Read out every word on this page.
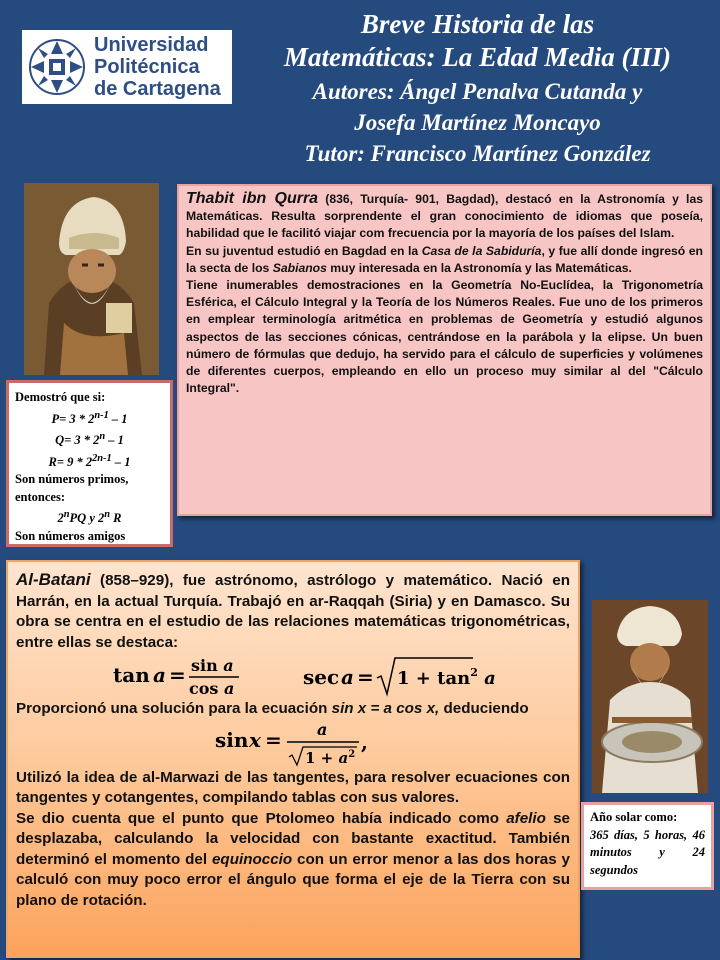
Universidad
Politécnica
de Cartagena
Breve Historia de las
Matemáticas: La Edad Media (III)
Autores: Ángel Penalva Cutanda y
Josefa Martínez Moncayo
Tutor: Francisco Martínez González

Thabit ibn Qurra (836, Turquía- 901, Bagdad), destacó en la Astronomía y las Matemáticas. Resulta sorprendente el gran conocimiento de idiomas que poseía, habilidad que le facilitó viajar com frecuencia por la mayoría de los países del Islam.

En su juventud estudió en Bagdad en la Casa de la Sabiduría, y fue allí donde ingresó en la secta de los Sabianos muy interesada en la Astronomía y las Matemáticas.

Tiene inumerables demostraciones en la Geometría No-Euclídea, la Trigonometría Esférica, el Cálculo Integral y la Teoría de los Números Reales. Fue uno de los primeros en emplear terminología aritmética en problemas de Geometría y estudió algunos aspectos de las secciones cónicas, centrándose en la parábola y la elipse. Un buen número de fórmulas que dedujo, ha servido para el cálculo de superficies y volúmenes de diferentes cuerpos, empleando en ello un proceso muy similar al del "Cálculo Integral".

Demostró que si:
P= 3 * 2$^{n-1}$ – 1
Q= 3 * 2$^n$ – 1
$R= 9 * 2^{2n-1} - 1$
Son números primos, entonces:
2$^n$PQ y 2$^n$ R
Son números amigos

Al-Batani (858–929), fue astrónomo, astrólogo y matemático. Nació en Harrán, en la actual Turquía. Trabajó en ar-Raqqah (Siria) y en Damasco. Su obra se centra en el estudio de las relaciones matemáticas trigonométricas, entre ellas se destaca:

tan a = sin a
cos a	$\sec a = 1 + \tan^2 a$

Proporcionó una solución para la ecuación sin x = a cos x, deduciendo

sin x = a
$1 + a^2$
,

Utilizó la idea de al-Marwazi de las tangentes, para resolver ecuaciones con tangentes y cotangentes, compilando tablas con sus valores.

Se dio cuenta que el punto que Ptolomeo había indicado como afelio se desplazaba, calculando la velocidad con bastante exactitud. También determinó el momento del equinoccio con un error menor a las dos horas y calculó con muy poco error el ángulo que forma el eje de la Tierra con su plano de rotación.

Año solar como:
365 días, 5 horas, 46 minutos y 24 segundos
